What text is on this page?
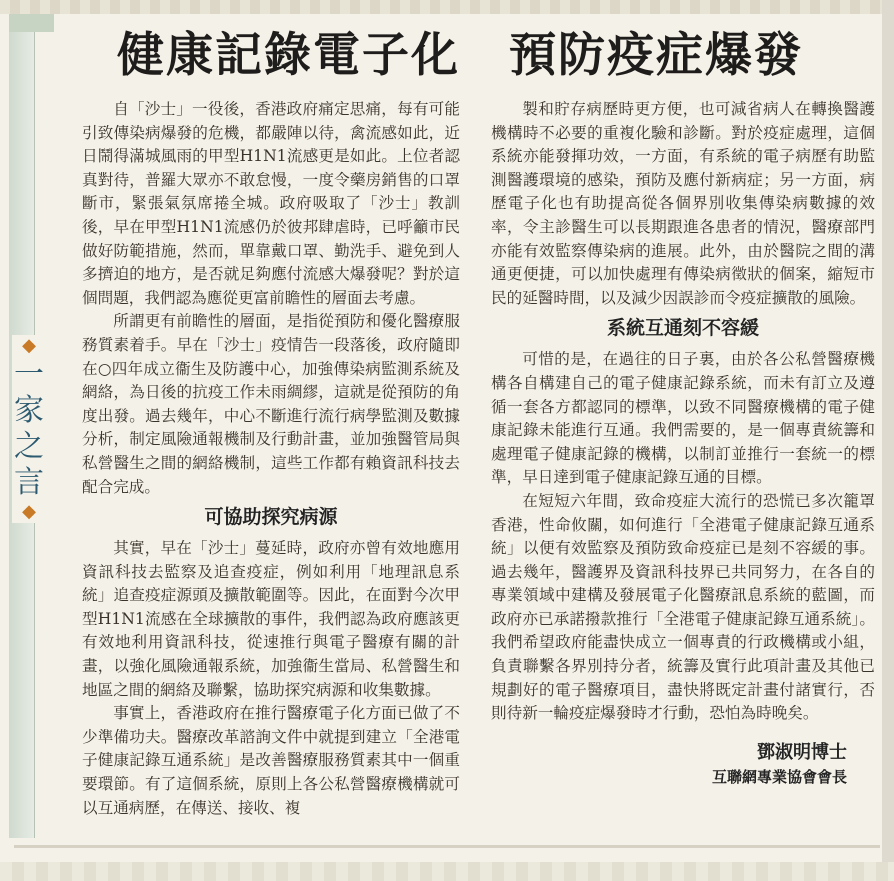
◆
一
家
之
言
◆
健康記錄電子化　預防疫症爆發

自「沙士」一役後，香港政府痛定思痛，每有可能引致傳染病爆發的危機，都嚴陣以待，禽流感如此，近日鬧得滿城風雨的甲型H1N1流感更是如此。上位者認真對待，普羅大眾亦不敢怠慢，一度令藥房銷售的口罩斷市，緊張氣氛席捲全城。政府吸取了「沙士」教訓後，早在甲型H1N1流感仍於彼邦肆虐時，已呼籲市民做好防範措施，然而，單靠戴口罩、勤洗手、避免到人多擠迫的地方，是否就足夠應付流感大爆發呢？對於這個問題，我們認為應從更富前瞻性的層面去考慮。

所謂更有前瞻性的層面，是指從預防和優化醫療服務質素着手。早在「沙士」疫情告一段落後，政府隨即在○四年成立衞生及防護中心，加強傳染病監測系統及網絡，為日後的抗疫工作未雨綢繆，這就是從預防的角度出發。過去幾年，中心不斷進行流行病學監測及數據分析，制定風險通報機制及行動計畫，並加強醫管局與私營醫生之間的網絡機制，這些工作都有賴資訊科技去配合完成。

可協助探究病源

其實，早在「沙士」蔓延時，政府亦曾有效地應用資訊科技去監察及追查疫症，例如利用「地理訊息系統」追查疫症源頭及擴散範圍等。因此，在面對今次甲型H1N1流感在全球擴散的事件，我們認為政府應該更有效地利用資訊科技，從速推行與電子醫療有關的計畫，以強化風險通報系統，加強衞生當局、私營醫生和地區之間的網絡及聯繫，協助探究病源和收集數據。

事實上，香港政府在推行醫療電子化方面已做了不少準備功夫。醫療改革諮詢文件中就提到建立「全港電子健康記錄互通系統」是改善醫療服務質素其中一個重要環節。有了這個系統，原則上各公私營醫療機構就可以互通病歷，在傳送、接收、複

製和貯存病歷時更方便，也可減省病人在轉換醫護機構時不必要的重複化驗和診斷。對於疫症處理，這個系統亦能發揮功效，一方面，有系統的電子病歷有助監測醫護環境的感染，預防及應付新病症；另一方面，病歷電子化也有助提高從各個界別收集傳染病數據的效率，令主診醫生可以長期跟進各患者的情況，醫療部門亦能有效監察傳染病的進展。此外，由於醫院之間的溝通更便捷，可以加快處理有傳染病徵狀的個案，縮短市民的延醫時間，以及減少因誤診而令疫症擴散的風險。

系統互通刻不容緩

可惜的是，在過往的日子裏，由於各公私營醫療機構各自構建自己的電子健康記錄系統，而未有訂立及遵循一套各方都認同的標準，以致不同醫療機構的電子健康記錄未能進行互通。我們需要的，是一個專責統籌和處理電子健康記錄的機構，以制訂並推行一套統一的標準，早日達到電子健康記錄互通的目標。

在短短六年間，致命疫症大流行的恐慌已多次籠罩香港，性命攸關，如何進行「全港電子健康記錄互通系統」以便有效監察及預防致命疫症已是刻不容緩的事。過去幾年，醫護界及資訊科技界已共同努力，在各自的專業領域中建構及發展電子化醫療訊息系統的藍圖，而政府亦已承諾撥款推行「全港電子健康記錄互通系統」。我們希望政府能盡快成立一個專責的行政機構或小組，負責聯繫各界別持分者，統籌及實行此項計畫及其他已規劃好的電子醫療項目，盡快將既定計畫付諸實行，否則待新一輪疫症爆發時才行動，恐怕為時晚矣。

鄧淑明博士
互聯網專業協會會長
